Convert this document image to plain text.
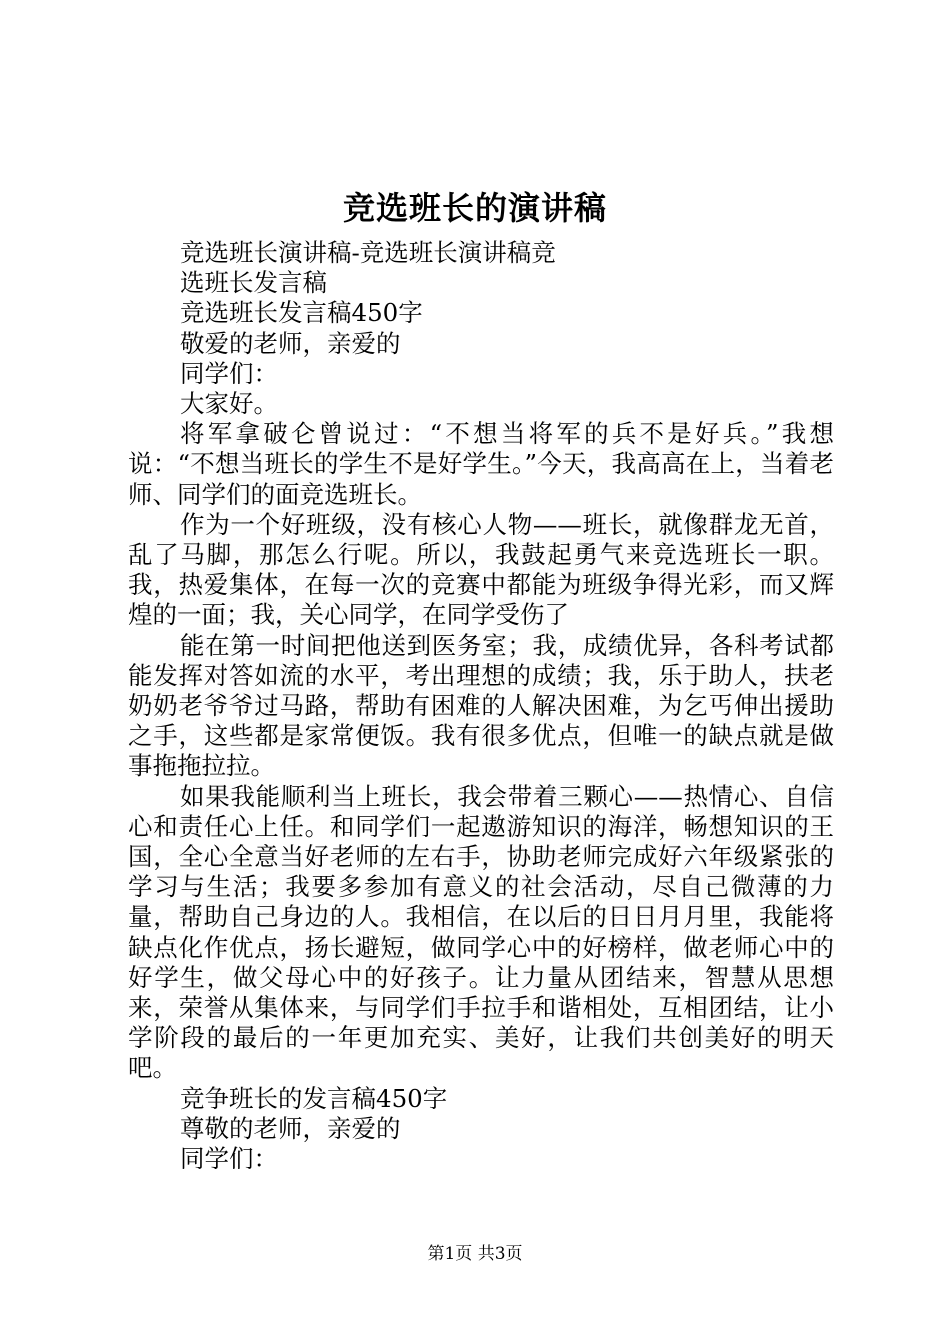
竞选班长的演讲稿

竞选班长演讲稿-竞选班长演讲稿竞

选班长发言稿

竞选班长发言稿450字

敬爱的老师，亲爱的

同学们：

大家好。

将军拿破仑曾说过：“不想当将军的兵不是好兵。”我想说：“不想当班长的学生不是好学生。”今天，我高高在上，当着老师、同学们的面竞选班长。

作为一个好班级，没有核心人物——班长，就像群龙无首，乱了马脚，那怎么行呢。所以，我鼓起勇气来竞选班长一职。我，热爱集体，在每一次的竞赛中都能为班级争得光彩，而又辉煌的一面；我，关心同学，在同学受伤了

能在第一时间把他送到医务室；我，成绩优异，各科考试都能发挥对答如流的水平，考出理想的成绩；我，乐于助人，扶老奶奶老爷爷过马路，帮助有困难的人解决困难，为乞丐伸出援助之手，这些都是家常便饭。我有很多优点，但唯一的缺点就是做事拖拖拉拉。

如果我能顺利当上班长，我会带着三颗心——热情心、自信心和责任心上任。和同学们一起遨游知识的海洋，畅想知识的王国，全心全意当好老师的左右手，协助老师完成好六年级紧张的学习与生活；我要多参加有意义的社会活动，尽自己微薄的力量，帮助自己身边的人。我相信，在以后的日日月月里，我能将缺点化作优点，扬长避短，做同学心中的好榜样，做老师心中的好学生，做父母心中的好孩子。让力量从团结来，智慧从思想来，荣誉从集体来，与同学们手拉手和谐相处，互相团结，让小学阶段的最后的一年更加充实、美好，让我们共创美好的明天吧。

竞争班长的发言稿450字

尊敬的老师，亲爱的

同学们：

第1页 共3页
